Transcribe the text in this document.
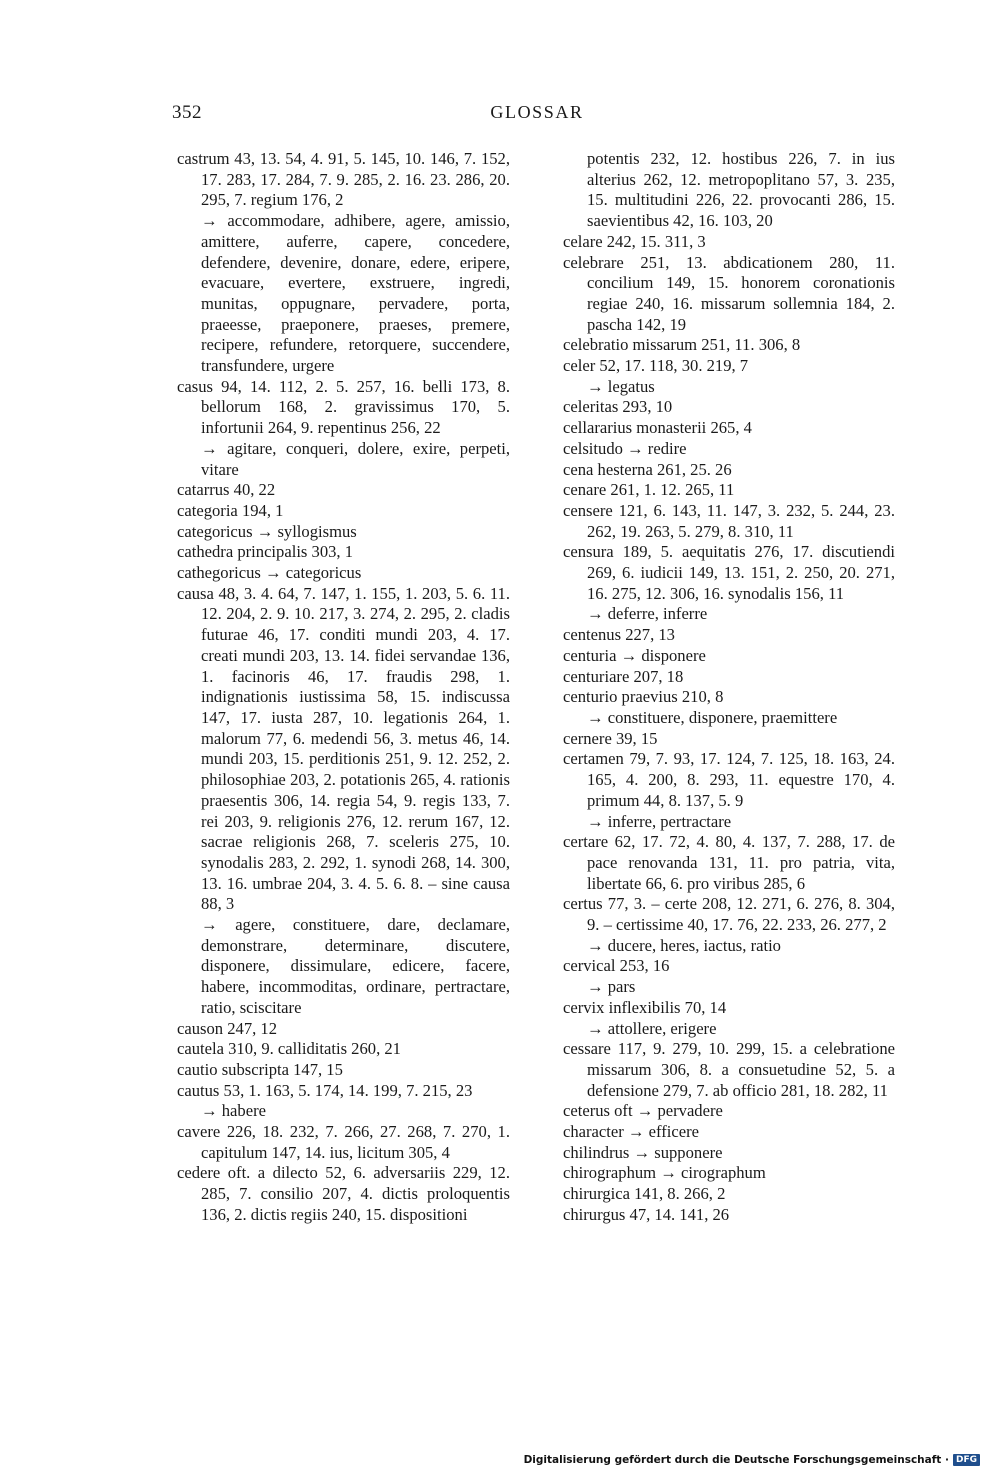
352	GLOSSAR

castrum 43, 13. 54, 4. 91, 5. 145, 10. 146, 7. 152, 17. 283, 17. 284, 7. 9. 285, 2. 16. 23. 286, 20. 295, 7. regium 176, 2

→ accommodare, adhibere, agere, amissio, amittere, auferre, capere, concedere, defendere, devenire, donare, edere, eripere, evacuare, evertere, exstruere, ingredi, munitas, oppugnare, pervadere, porta, praeesse, praeponere, praeses, premere, recipere, refundere, retorquere, succendere, transfundere, urgere

casus 94, 14. 112, 2. 5. 257, 16. belli 173, 8. bellorum 168, 2. gravissimus 170, 5. infortunii 264, 9. repentinus 256, 22

→ agitare, conqueri, dolere, exire, perpeti, vitare

catarrus 40, 22

categoria 194, 1

categoricus → syllogismus

cathedra principalis 303, 1

cathegoricus → categoricus

causa 48, 3. 4. 64, 7. 147, 1. 155, 1. 203, 5. 6. 11. 12. 204, 2. 9. 10. 217, 3. 274, 2. 295, 2. cladis futurae 46, 17. conditi mundi 203, 4. 17. creati mundi 203, 13. 14. fidei servandae 136, 1. facinoris 46, 17. fraudis 298, 1. indignationis iustissima 58, 15. indiscussa 147, 17. iusta 287, 10. legationis 264, 1. malorum 77, 6. medendi 56, 3. metus 46, 14. mundi 203, 15. perditionis 251, 9. 12. 252, 2. philosophiae 203, 2. potationis 265, 4. rationis praesentis 306, 14. regia 54, 9. regis 133, 7. rei 203, 9. religionis 276, 12. rerum 167, 12. sacrae religionis 268, 7. sceleris 275, 10. synodalis 283, 2. 292, 1. synodi 268, 14. 300, 13. 16. umbrae 204, 3. 4. 5. 6. 8. – sine causa 88, 3

→ agere, constituere, dare, declamare, demonstrare, determinare, discutere, disponere, dissimulare, edicere, facere, habere, incommoditas, ordinare, pertractare, ratio, sciscitare

causon 247, 12

cautela 310, 9. calliditatis 260, 21

cautio subscripta 147, 15

cautus 53, 1. 163, 5. 174, 14. 199, 7. 215, 23

→ habere

cavere 226, 18. 232, 7. 266, 27. 268, 7. 270, 1. capitulum 147, 14. ius, licitum 305, 4

cedere oft. a dilecto 52, 6. adversariis 229, 12. 285, 7. consilio 207, 4. dictis proloquentis 136, 2. dictis regiis 240, 15. dispositioni

potentis 232, 12. hostibus 226, 7. in ius alterius 262, 12. metropoplitano 57, 3. 235, 15. multitudini 226, 22. provocanti 286, 15. saevientibus 42, 16. 103, 20

celare 242, 15. 311, 3

celebrare 251, 13. abdicationem 280, 11. concilium 149, 15. honorem coronationis regiae 240, 16. missarum sollemnia 184, 2. pascha 142, 19

celebratio missarum 251, 11. 306, 8

celer 52, 17. 118, 30. 219, 7

→ legatus

celeritas 293, 10

cellararius monasterii 265, 4

celsitudo → redire

cena hesterna 261, 25. 26

cenare 261, 1. 12. 265, 11

censere 121, 6. 143, 11. 147, 3. 232, 5. 244, 23. 262, 19. 263, 5. 279, 8. 310, 11

censura 189, 5. aequitatis 276, 17. discutiendi 269, 6. iudicii 149, 13. 151, 2. 250, 20. 271, 16. 275, 12. 306, 16. synodalis 156, 11

→ deferre, inferre

centenus 227, 13

centuria → disponere

centuriare 207, 18

centurio praevius 210, 8

→ constituere, disponere, praemittere

cernere 39, 15

certamen 79, 7. 93, 17. 124, 7. 125, 18. 163, 24. 165, 4. 200, 8. 293, 11. equestre 170, 4. primum 44, 8. 137, 5. 9

→ inferre, pertractare

certare 62, 17. 72, 4. 80, 4. 137, 7. 288, 17. de pace renovanda 131, 11. pro patria, vita, libertate 66, 6. pro viribus 285, 6

certus 77, 3. – certe 208, 12. 271, 6. 276, 8. 304, 9. – certissime 40, 17. 76, 22. 233, 26. 277, 2

→ ducere, heres, iactus, ratio

cervical 253, 16

→ pars

cervix inflexibilis 70, 14

→ attollere, erigere

cessare 117, 9. 279, 10. 299, 15. a celebratione missarum 306, 8. a consuetudine 52, 5. a defensione 279, 7. ab officio 281, 18. 282, 11

ceterus oft → pervadere

character → efficere

chilindrus → supponere

chirographum → cirographum

chirurgica 141, 8. 266, 2

chirurgus 47, 14. 141, 26

Digitalisierung gefördert durch die Deutsche Forschungsgemeinschaft · DFG
